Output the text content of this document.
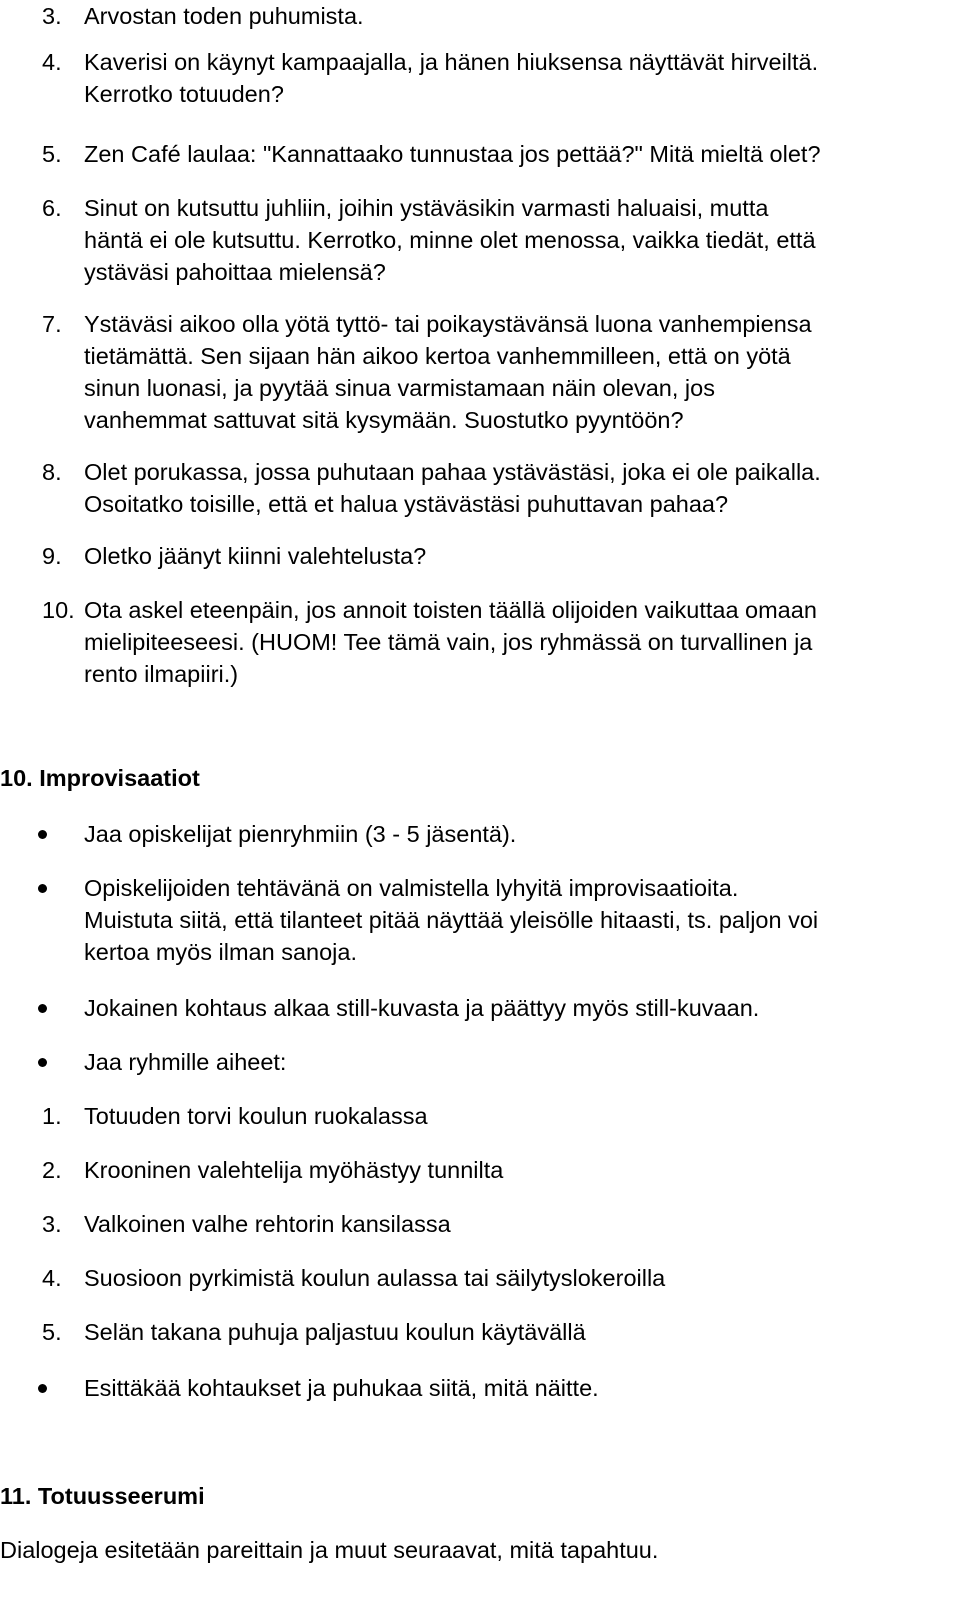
3. Arvostan toden puhumista.
4. Kaverisi on käynyt kampaajalla, ja hänen hiuksensa näyttävät hirveiltä.
Kerrotko totuuden?
5. Zen Café laulaa: "Kannattaako tunnustaa jos pettää?" Mitä mieltä olet?
6. Sinut on kutsuttu juhliin, joihin ystäväsikin varmasti haluaisi, mutta
häntä ei ole kutsuttu. Kerrotko, minne olet menossa, vaikka tiedät, että
ystäväsi pahoittaa mielensä?
7. Ystäväsi aikoo olla yötä tyttö- tai poikaystävänsä luona vanhempiensa
tietämättä. Sen sijaan hän aikoo kertoa vanhemmilleen, että on yötä
sinun luonasi, ja pyytää sinua varmistamaan näin olevan, jos
vanhemmat sattuvat sitä kysymään. Suostutko pyyntöön?
8. Olet porukassa, jossa puhutaan pahaa ystävästäsi, joka ei ole paikalla.
Osoitatko toisille, että et halua ystävästäsi puhuttavan pahaa?
9. Oletko jäänyt kiinni valehtelusta?
10. Ota askel eteenpäin, jos annoit toisten täällä olijoiden vaikuttaa omaan
mielipiteeseesi. (HUOM! Tee tämä vain, jos ryhmässä on turvallinen ja
rento ilmapiiri.)
10. Improvisaatiot
Jaa opiskelijat pienryhmiin (3 - 5 jäsentä).
Opiskelijoiden tehtävänä on valmistella lyhyitä improvisaatioita.
Muistuta siitä, että tilanteet pitää näyttää yleisölle hitaasti, ts. paljon voi
kertoa myös ilman sanoja.
Jokainen kohtaus alkaa still-kuvasta ja päättyy myös still-kuvaan.
Jaa ryhmille aiheet:
1. Totuuden torvi koulun ruokalassa
2. Krooninen valehtelija myöhästyy tunnilta
3. Valkoinen valhe rehtorin kansilassa
4. Suosioon pyrkimistä koulun aulassa tai säilytyslokeroilla
5. Selän takana puhuja paljastuu koulun käytävällä
Esittäkää kohtaukset ja puhukaa siitä, mitä näitte.
11. Totuusseerumi
Dialogeja esitetään pareittain ja muut seuraavat, mitä tapahtuu.
